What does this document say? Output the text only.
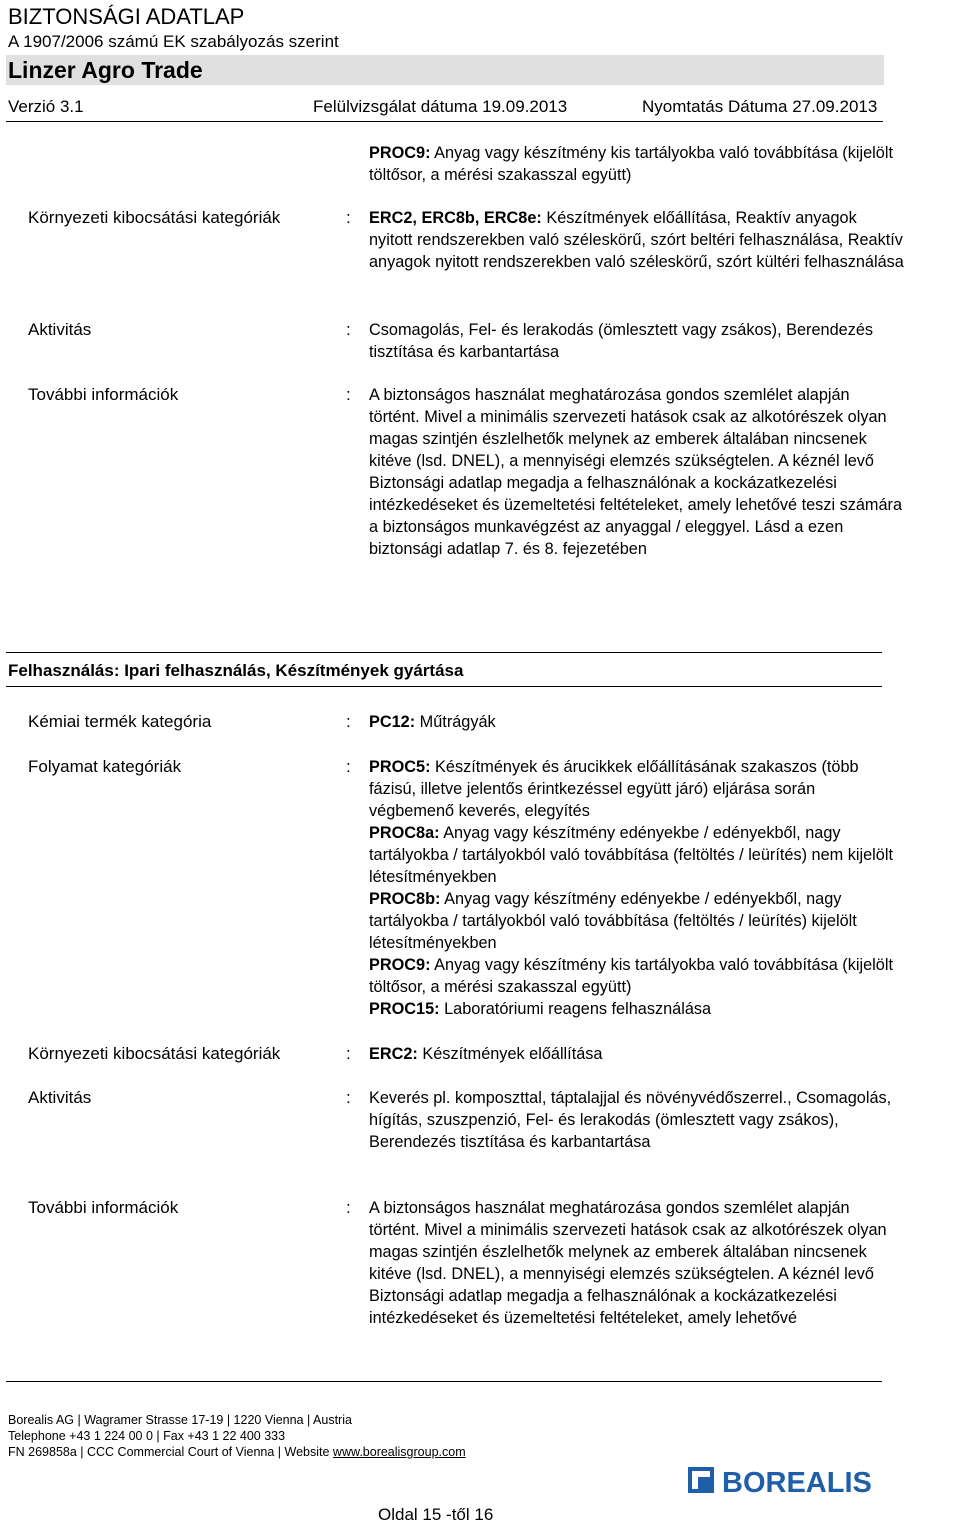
BIZTONSÁGI ADATLAP
A 1907/2006 számú EK szabályozás szerint
Linzer Agro Trade
Verzió 3.1	Felülvizsgálat dátuma 19.09.2013	Nyomtatás Dátuma 27.09.2013
PROC9: Anyag vagy készítmény kis tartályokba való továbbítása (kijelölt töltősor, a mérési szakasszal együtt)
Környezeti kibocsátási kategóriák	: ERC2, ERC8b, ERC8e: Készítmények előállítása, Reaktív anyagok nyitott rendszerekben való széleskörű, szórt beltéri felhasználása, Reaktív anyagok nyitott rendszerekben való széleskörű, szórt kültéri felhasználása
Aktivitás	: Csomagolás, Fel- és lerakodás (ömlesztett vagy zsákos), Berendezés tisztítása és karbantartása
További információk	: A biztonságos használat meghatározása gondos szemlélet alapján történt. Mivel a minimális szervezeti hatások csak az alkotórészek olyan magas szintjén észlelhetők melynek az emberek általában nincsenek kitéve (lsd. DNEL), a mennyiségi elemzés szükségtelen. A kéznél levő Biztonsági adatlap megadja a felhasználónak a kockázatkezelési intézkedéseket és üzemeltetési feltételeket, amely lehetővé teszi számára a biztonságos munkavégzést az anyaggal / eleggyel. Lásd a ezen biztonsági adatlap 7. és 8. fejezetében
Felhasználás: Ipari felhasználás, Készítmények gyártása
Kémiai termék kategória	: PC12: Műtrágyák
Folyamat kategóriák	: PROC5: Készítmények és árucikkek előállításának szakaszos (több fázisú, illetve jelentős érintkezéssel együtt járó) eljárása során végbemenő keverés, elegyítés
PROC8a: Anyag vagy készítmény edényekbe / edényekből, nagy tartályokba / tartályokból való továbbítása (feltöltés / leürítés) nem kijelölt létesítményekben
PROC8b: Anyag vagy készítmény edényekbe / edényekből, nagy tartályokba / tartályokból való továbbítása (feltöltés / leürítés) kijelölt létesítményekben
PROC9: Anyag vagy készítmény kis tartályokba való továbbítása (kijelölt töltősor, a mérési szakasszal együtt)
PROC15: Laboratóriumi reagens felhasználása
Környezeti kibocsátási kategóriák	: ERC2: Készítmények előállítása
Aktivitás	: Keverés pl. komposzttal, táptalajjal és növényvédőszerrel., Csomagolás, hígítás, szuszpenzió, Fel- és lerakodás (ömlesztett vagy zsákos), Berendezés tisztítása és karbantartása
További információk	: A biztonságos használat meghatározása gondos szemlélet alapján történt. Mivel a minimális szervezeti hatások csak az alkotórészek olyan magas szintjén észlelhetők melynek az emberek általában nincsenek kitéve (lsd. DNEL), a mennyiségi elemzés szükségtelen. A kéznél levő Biztonsági adatlap megadja a felhasználónak a kockázatkezelési intézkedéseket és üzemeltetési feltételeket, amely lehetővé
Borealis AG | Wagramer Strasse 17-19 | 1220 Vienna | Austria
Telephone +43 1 224 00 0 | Fax +43 1 22 400 333
FN 269858a | CCC Commercial Court of Vienna | Website www.borealisgroup.com
BOREALIS
Oldal 15 -től 16
